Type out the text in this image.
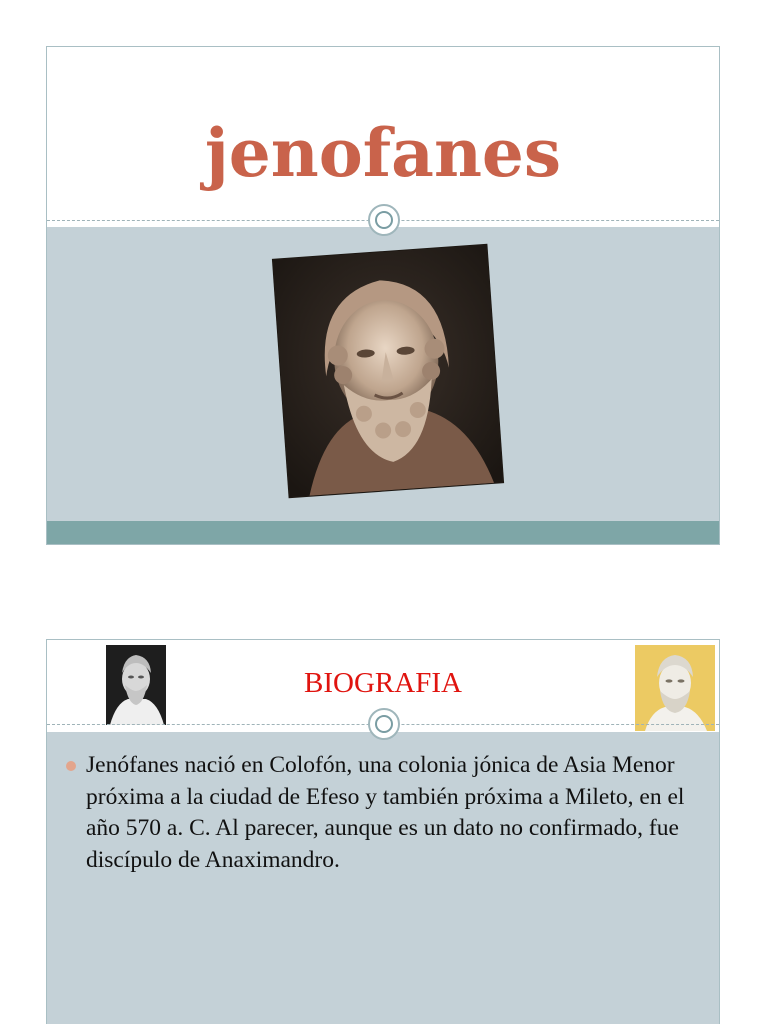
jenofanes
BIOGRAFIA
Jenófanes nació en Colofón, una colonia jónica de Asia Menor próxima a la ciudad de Efeso y también próxima a Mileto, en el año 570 a. C. Al parecer, aunque es un dato no confirmado, fue discípulo de Anaximandro.
